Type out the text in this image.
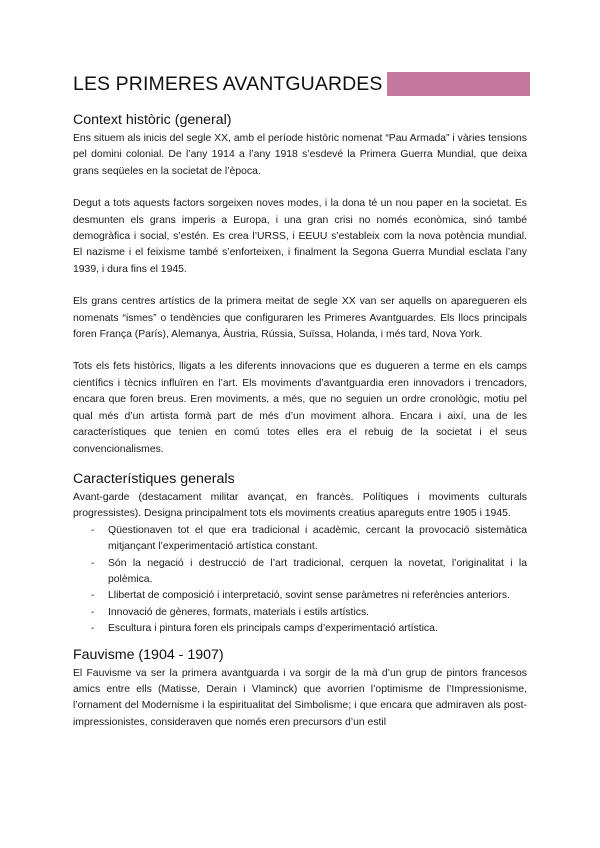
LES PRIMERES AVANTGUARDES
Context històric (general)

Ens situem als inicis del segle XX, amb el període històric nomenat “Pau Armada” i vàries tensions pel domini colonial. De l’any 1914 a l’any 1918 s’esdevé la Primera Guerra Mundial, que deixa grans seqüeles en la societat de l’època.

Degut a tots aquests factors sorgeixen noves modes, i la dona té un nou paper en la societat. Es desmunten els grans imperis a Europa, i una gran crisi no només econòmica, sinó també demogràfica i social, s’estén. Es crea l’URSS, i EEUU s’estableix com la nova potència mundial. El nazisme i el feixisme també s’enforteixen, i finalment la Segona Guerra Mundial esclata l’any 1939, i dura fins el 1945.

Els grans centres artístics de la primera meitat de segle XX van ser aquells on aparegueren els nomenats “ismes” o tendències que configuraren les Primeres Avantguardes. Els llocs principals foren França (París), Alemanya, Àustria, Rússia, Suïssa, Holanda, i més tard, Nova York.

Tots els fets històrics, lligats a les diferents innovacions que es dugueren a terme en els camps científics i tècnics influïren en l’art. Els moviments d’avantguardia eren innovadors i trencadors, encara que foren breus. Eren moviments, a més, que no seguien un ordre cronològic, motiu pel qual més d’un artista formà part de més d’un moviment alhora. Encara i així, una de les característiques que tenien en comú totes elles era el rebuig de la societat i el seus convencionalismes.

Característiques generals

Avant-garde (destacament militar avançat, en francès. Polítiques i moviments culturals progressistes). Designa principalment tots els moviments creatius apareguts entre 1905 i 1945.

- Qüestionaven tot el que era tradicional i acadèmic, cercant la provocació sistemàtica mitjançant l’experimentació artística constant.
- Són la negació i destrucció de l’art tradicional, cerquen la novetat, l’originalitat i la polèmica.
- Llibertat de composició i interpretació, sovint sense paràmetres ni referències anteriors.
- Innovació de gèneres, formats, materials i estils artístics.
- Escultura i pintura foren els principals camps d’experimentació artística.
Fauvisme (1904 - 1907)

El Fauvisme va ser la primera avantguarda i va sorgir de la mà d’un grup de pintors francesos amics entre ells (Matisse, Derain i Vlaminck) que avorrien l’optimisme de l’Impressionisme, l’ornament del Modernisme i la espiritualitat del Simbolisme; i que encara que admiraven als post-impressionistes, consideraven que només eren precursors d’un estil
